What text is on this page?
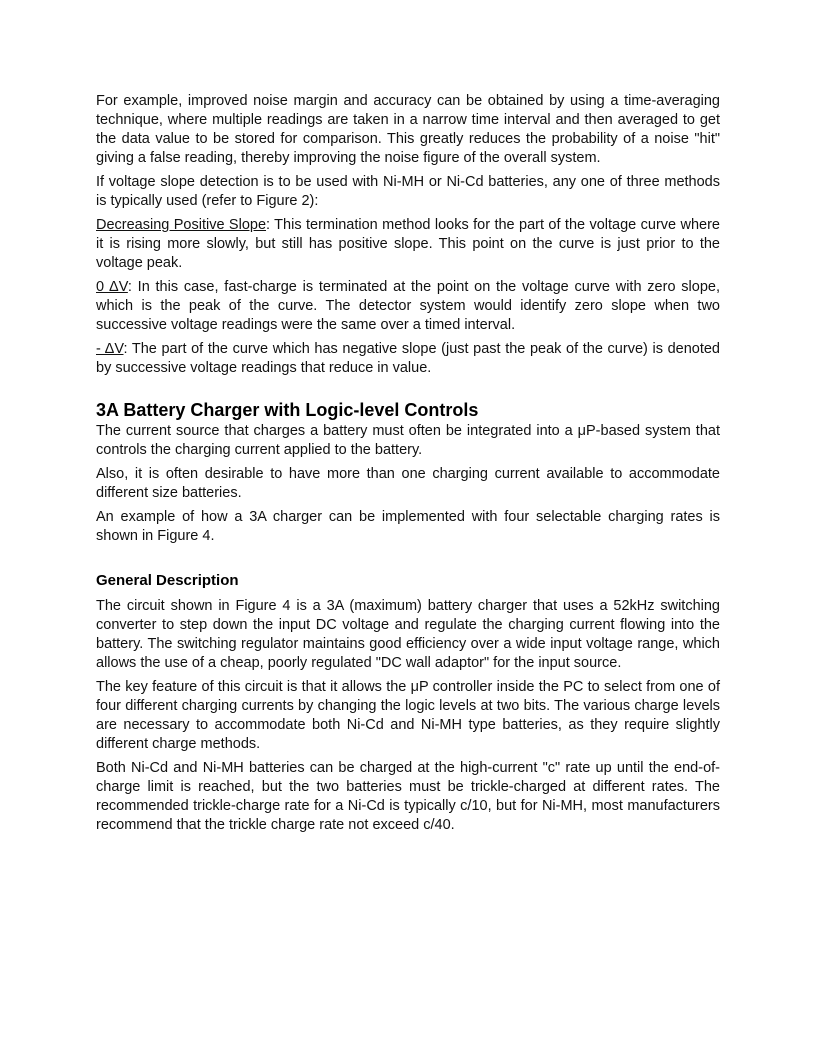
For example, improved noise margin and accuracy can be obtained by using a time-averaging technique, where multiple readings are taken in a narrow time interval and then averaged to get the data value to be stored for comparison. This greatly reduces the probability of a noise "hit" giving a false reading, thereby improving the noise figure of the overall system.

If voltage slope detection is to be used with Ni-MH or Ni-Cd batteries, any one of three methods is typically used (refer to Figure 2):

Decreasing Positive Slope: This termination method looks for the part of the voltage curve where it is rising more slowly, but still has positive slope. This point on the curve is just prior to the voltage peak.

0 ΔV: In this case, fast-charge is terminated at the point on the voltage curve with zero slope, which is the peak of the curve. The detector system would identify zero slope when two successive voltage readings were the same over a timed interval.

- ΔV: The part of the curve which has negative slope (just past the peak of the curve) is denoted by successive voltage readings that reduce in value.

3A Battery Charger with Logic-level Controls

The current source that charges a battery must often be integrated into a μP-based system that controls the charging current applied to the battery.

Also, it is often desirable to have more than one charging current available to accommodate different size batteries.

An example of how a 3A charger can be implemented with four selectable charging rates is shown in Figure 4.

General Description

The circuit shown in Figure 4 is a 3A (maximum) battery charger that uses a 52kHz switching converter to step down the input DC voltage and regulate the charging current flowing into the battery. The switching regulator maintains good efficiency over a wide input voltage range, which allows the use of a cheap, poorly regulated "DC wall adaptor" for the input source.

The key feature of this circuit is that it allows the μP controller inside the PC to select from one of four different charging currents by changing the logic levels at two bits. The various charge levels are necessary to accommodate both Ni-Cd and Ni-MH type batteries, as they require slightly different charge methods.

Both Ni-Cd and Ni-MH batteries can be charged at the high-current "c" rate up until the end-of-charge limit is reached, but the two batteries must be trickle-charged at different rates. The recommended trickle-charge rate for a Ni-Cd is typically c/10, but for Ni-MH, most manufacturers recommend that the trickle charge rate not exceed c/40.
